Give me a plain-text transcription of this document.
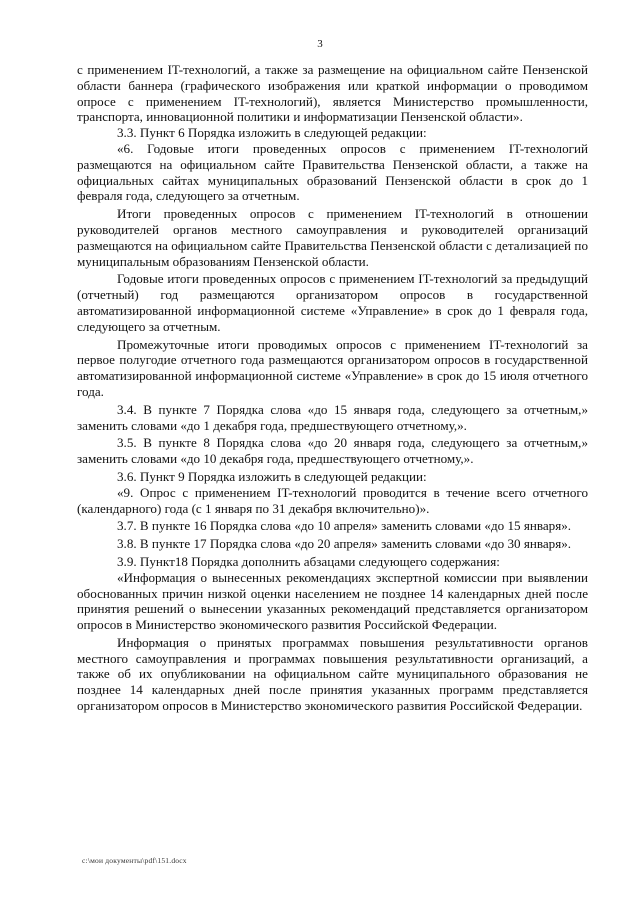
3

с применением IT-технологий, а также за размещение на официальном сайте Пензенской области баннера (графического изображения или краткой информации о проводимом опросе с применением IT-технологий), является Министерство промышленности, транспорта, инновационной политики и информатизации Пензенской области».

3.3. Пункт 6 Порядка изложить в следующей редакции:

«6. Годовые итоги проведенных опросов с применением IT-технологий размещаются на официальном сайте Правительства Пензенской области, а также на официальных сайтах муниципальных образований Пензенской области в срок до 1 февраля года, следующего за отчетным.

Итоги проведенных опросов с применением IT-технологий в отношении руководителей органов местного самоуправления и руководителей организаций размещаются на официальном сайте Правительства Пензенской области с детализацией по муниципальным образованиям Пензенской области.

Годовые итоги проведенных опросов с применением IT-технологий за предыдущий (отчетный) год размещаются организатором опросов в государственной автоматизированной информационной системе «Управление» в срок до 1 февраля года, следующего за отчетным.

Промежуточные итоги проводимых опросов с применением IT-технологий за первое полугодие отчетного года размещаются организатором опросов в государственной автоматизированной информационной системе «Управление» в срок до 15 июля отчетного года.

3.4. В пункте 7 Порядка слова «до 15 января года, следующего за отчетным,» заменить словами «до 1 декабря года, предшествующего отчетному,».

3.5. В пункте 8 Порядка слова «до 20 января года, следующего за отчетным,» заменить словами «до 10 декабря года, предшествующего отчетному,».

3.6. Пункт 9 Порядка изложить в следующей редакции:

«9. Опрос с применением IT-технологий проводится в течение всего отчетного (календарного) года (с 1 января по 31 декабря включительно)».

3.7. В пункте 16 Порядка слова «до 10 апреля» заменить словами «до 15 января».

3.8. В пункте 17 Порядка слова «до 20 апреля» заменить словами «до 30 января».

3.9. Пункт18 Порядка дополнить абзацами следующего содержания:

«Информация о вынесенных рекомендациях экспертной комиссии при выявлении обоснованных причин низкой оценки населением не позднее 14 календарных дней после принятия решений о вынесении указанных рекомендаций представляется организатором опросов в Министерство экономического развития Российской Федерации.

Информация о принятых программах повышения результативности органов местного самоуправления и программах повышения результативности организаций, а также об их опубликовании на официальном сайте муниципального образования не позднее 14 календарных дней после принятия указанных программ представляется организатором опросов в Министерство экономического развития Российской Федерации.

c:\мои документы\pdf\151.docx
